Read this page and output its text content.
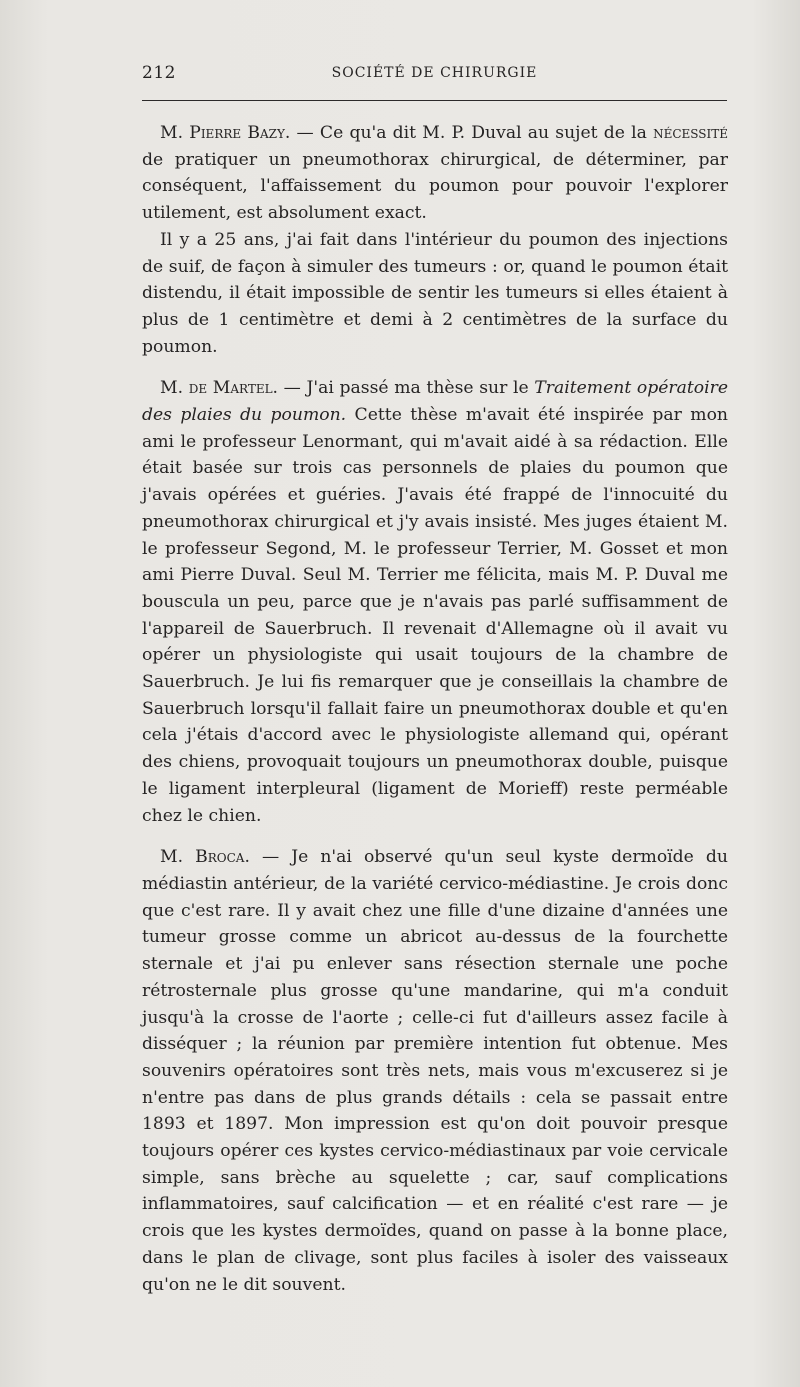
212	SOCIÉTÉ DE CHIRURGIE

M. Pierre Bazy. — Ce qu'a dit M. P. Duval au sujet de la nécessité de pratiquer un pneumothorax chirurgical, de déterminer, par conséquent, l'affaissement du poumon pour pouvoir l'explorer utilement, est absolument exact.

Il y a 25 ans, j'ai fait dans l'intérieur du poumon des injections de suif, de façon à simuler des tumeurs : or, quand le poumon était distendu, il était impossible de sentir les tumeurs si elles étaient à plus de 1 centimètre et demi à 2 centimètres de la surface du poumon.

M. de Martel. — J'ai passé ma thèse sur le Traitement opératoire des plaies du poumon. Cette thèse m'avait été inspirée par mon ami le professeur Lenormant, qui m'avait aidé à sa rédaction. Elle était basée sur trois cas personnels de plaies du poumon que j'avais opérées et guéries. J'avais été frappé de l'innocuité du pneumothorax chirurgical et j'y avais insisté. Mes juges étaient M. le professeur Segond, M. le professeur Terrier, M. Gosset et mon ami Pierre Duval. Seul M. Terrier me félicita, mais M. P. Duval me bouscula un peu, parce que je n'avais pas parlé suffisamment de l'appareil de Sauerbruch. Il revenait d'Allemagne où il avait vu opérer un physiologiste qui usait toujours de la chambre de Sauerbruch. Je lui fis remarquer que je conseillais la chambre de Sauerbruch lorsqu'il fallait faire un pneumothorax double et qu'en cela j'étais d'accord avec le physiologiste allemand qui, opérant des chiens, provoquait toujours un pneumothorax double, puisque le ligament interpleural (ligament de Morieff) reste perméable chez le chien.

M. Broca. — Je n'ai observé qu'un seul kyste dermoïde du médiastin antérieur, de la variété cervico-médiastine. Je crois donc que c'est rare. Il y avait chez une fille d'une dizaine d'années une tumeur grosse comme un abricot au-dessus de la fourchette sternale et j'ai pu enlever sans résection sternale une poche rétrosternale plus grosse qu'une mandarine, qui m'a conduit jusqu'à la crosse de l'aorte ; celle-ci fut d'ailleurs assez facile à disséquer ; la réunion par première intention fut obtenue. Mes souvenirs opératoires sont très nets, mais vous m'excuserez si je n'entre pas dans de plus grands détails : cela se passait entre 1893 et 1897. Mon impression est qu'on doit pouvoir presque toujours opérer ces kystes cervico-médiastinaux par voie cervicale simple, sans brèche au squelette ; car, sauf complications inflammatoires, sauf calcification — et en réalité c'est rare — je crois que les kystes dermoïdes, quand on passe à la bonne place, dans le plan de clivage, sont plus faciles à isoler des vaisseaux qu'on ne le dit souvent.
